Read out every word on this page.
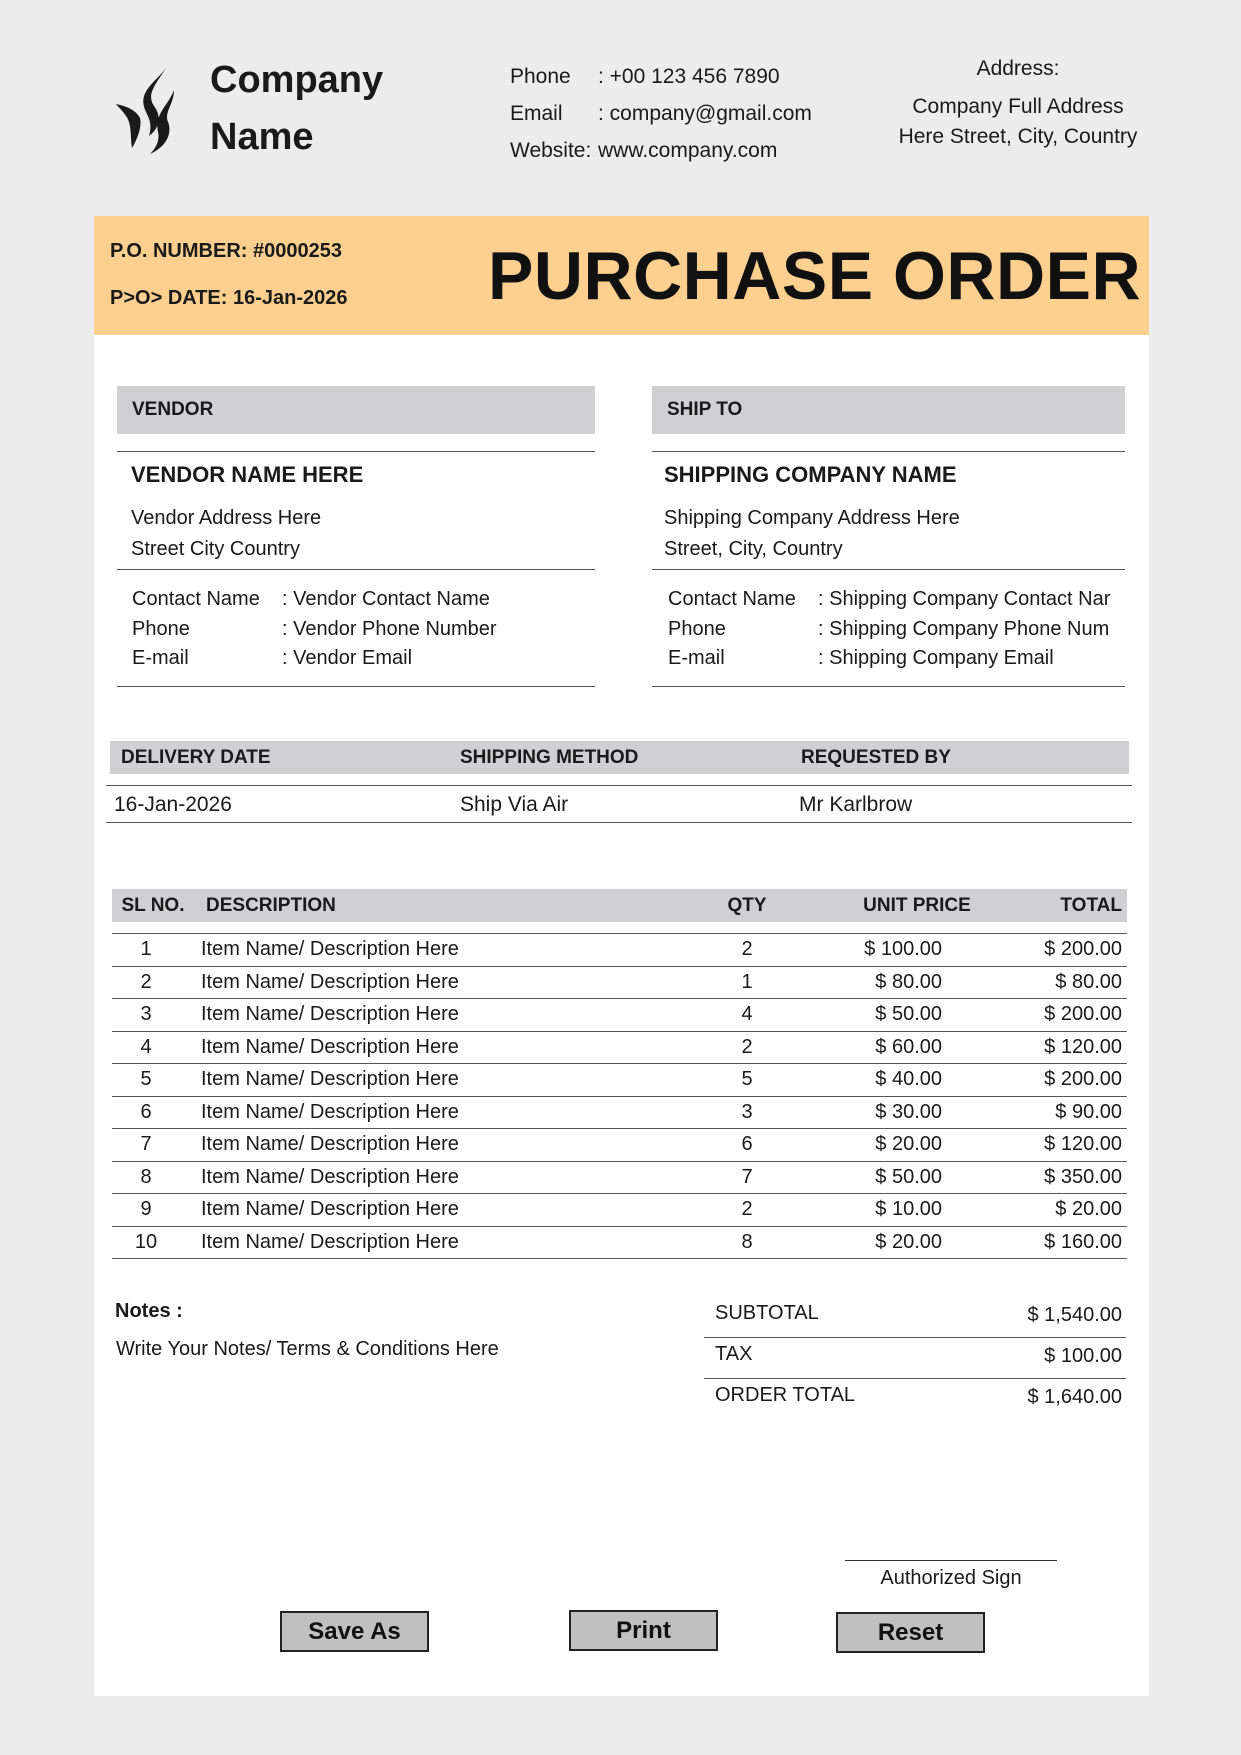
Company
Name
Phone	: +00 123 456 7890
Email	: company@gmail.com
Website: www.company.com
Address:
Company Full Address
Here Street, City, Country
P.O. NUMBER: #0000253
P>O> DATE: 16-Jan-2026 PURCHASE ORDER
VENDOR
VENDOR NAME HERE
Vendor Address Here
Street City Country
Contact Name	: Vendor Contact Name
Phone	: Vendor Phone Number
E-mail	: Vendor Email
SHIP TO
SHIPPING COMPANY NAME
Shipping Company Address Here
Street, City, Country
Contact Name	: Shipping Company Contact Nar
Phone	: Shipping Company Phone Num
E-mail	: Shipping Company Email
DELIVERY DATE	SHIPPING METHOD	REQUESTED BY
16-Jan-2026	Ship Via Air	Mr Karlbrow
SL NO.	DESCRIPTION	QTY	UNIT PRICE	TOTAL
1	Item Name/ Description Here	2	$ 100.00	$ 200.00
2	Item Name/ Description Here	1	$ 80.00	$ 80.00
3	Item Name/ Description Here	4	$ 50.00	$ 200.00
4	Item Name/ Description Here	2	$ 60.00	$ 120.00
5	Item Name/ Description Here	5	$ 40.00	$ 200.00
6	Item Name/ Description Here	3	$ 30.00	$ 90.00
7	Item Name/ Description Here	6	$ 20.00	$ 120.00
8	Item Name/ Description Here	7	$ 50.00	$ 350.00
9	Item Name/ Description Here	2	$ 10.00	$ 20.00
10	Item Name/ Description Here	8	$ 20.00	$ 160.00
Notes :
Write Your Notes/ Terms & Conditions Here
SUBTOTAL	$ 1,540.00
TAX	$ 100.00
ORDER TOTAL	$ 1,640.00
Authorized Sign
Save As	Print	Reset
